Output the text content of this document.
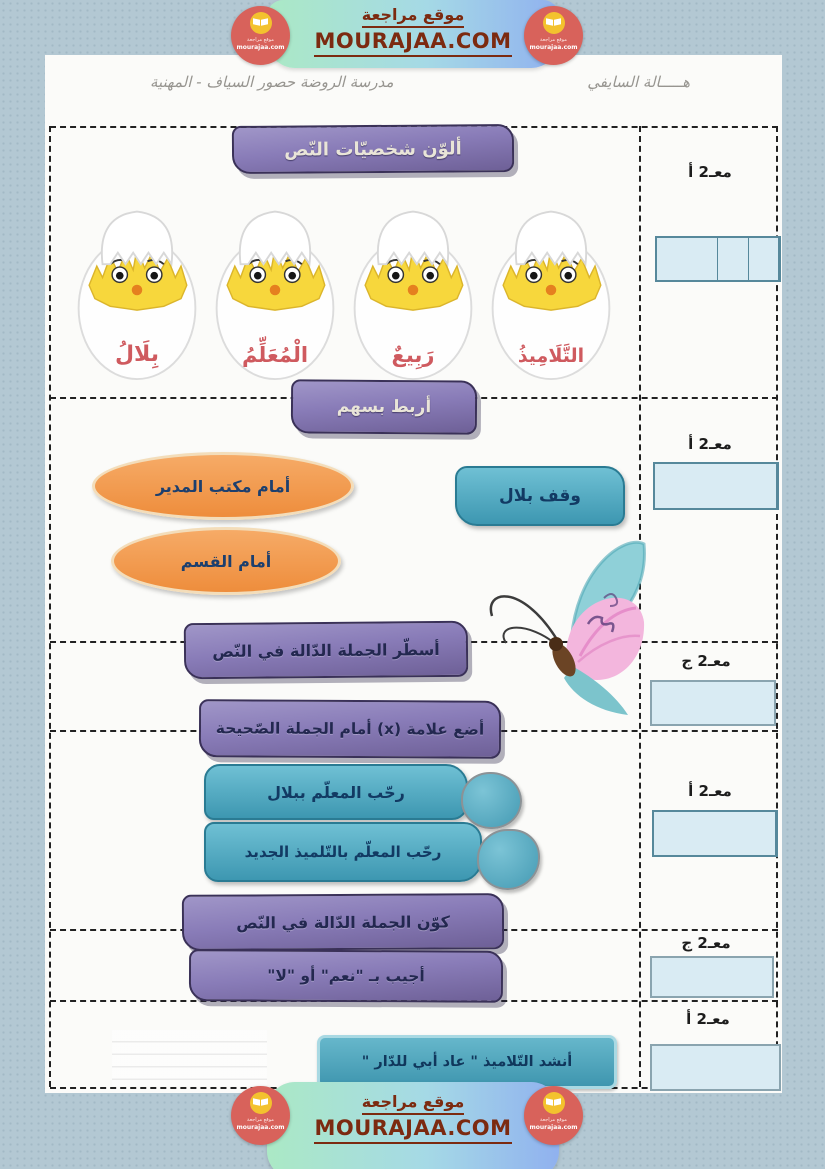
هـــــالة السايفي
مدرسة الروضة حصور السياف - المهنية
ألوّن شخصيّات النّص
التَّلَامِيذُ
رَبِيعٌ
الْمُعَلِّمُ
بِلَالُ
معـ2 أ
أربط بسهم
أمام مكتب المدير
أمام القسم
وقف بلال
معـ2 أ
أسطّر الجملة الدّالة في النّص
معـ2 ج
أضع علامة (x) أمام الجملة الصّحيحة
رحّب المعلّم ببلال
رحّب المعلّم بالتّلميذ الجديد
معـ2 أ
كوّن الجملة الدّالة في النّص
أجيب بـ "نعم" أو "لا"
معـ2 ج
أنشد التّلاميذ " عاد أبي للدّار "
معـ2 أ
موقع مراجعة
MOURAJAA.COM
موقع مراجعة
mourajaa.com
موقع مراجعة
mourajaa.com
موقع مراجعة
MOURAJAA.COM
موقع مراجعة
mourajaa.com
موقع مراجعة
mourajaa.com
